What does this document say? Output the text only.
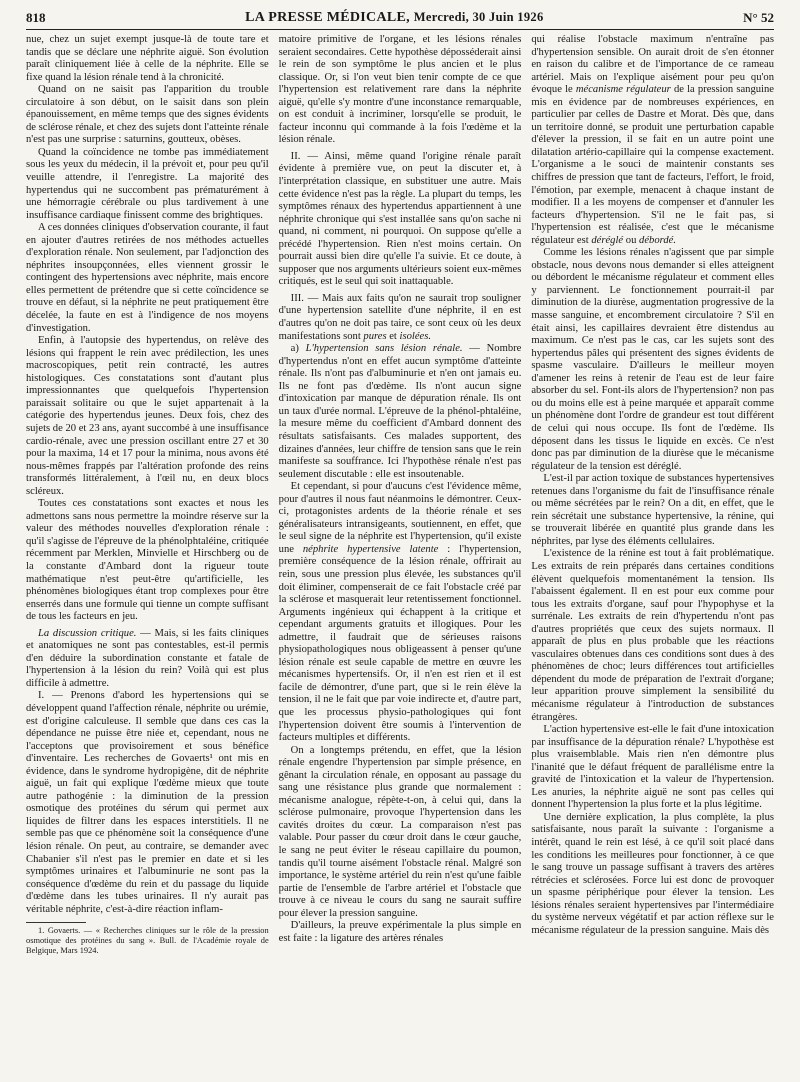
818	LA PRESSE MÉDICALE, Mercredi, 30 Juin 1926	N° 52

nue, chez un sujet exempt jusque-là de toute tare et tandis que se déclare une néphrite aiguë. Son évolution paraît cliniquement liée à celle de la néphrite. Elle se fixe quand la lésion rénale tend à la chronicité.

Quand on ne saisit pas l'apparition du trouble circulatoire à son début, on le saisit dans son plein épanouissement, en même temps que des signes évidents de sclérose rénale, et chez des sujets dont l'atteinte rénale n'est pas une surprise : saturnins, goutteux, obèses.

Quand la coïncidence ne tombe pas immédiatement sous les yeux du médecin, il la prévoit et, pour peu qu'il veuille attendre, il l'enregistre. La majorité des hypertendus qui ne succombent pas prématurément à une hémorragie cérébrale ou plus tardivement à une insuffisance cardiaque finissent comme des brightiques.

A ces données cliniques d'observation courante, il faut en ajouter d'autres retirées de nos méthodes actuelles d'exploration rénale. Non seulement, par l'adjonction des néphrites insoupçonnées, elles viennent grossir le contingent des hypertensions avec néphrite, mais encore elles permettent de prétendre que si cette coïncidence se trouve en défaut, si la néphrite ne peut pratiquement être décelée, la faute en est à l'indigence de nos moyens d'investigation.

Enfin, à l'autopsie des hypertendus, on relève des lésions qui frappent le rein avec prédilection, les unes macroscopiques, petit rein contracté, les autres histologiques. Ces constatations sont d'autant plus impressionnantes que quelquefois l'hypertension paraissait solitaire ou que le sujet appartenait à la catégorie des hypertendus jeunes. Deux fois, chez des sujets de 20 et 23 ans, ayant succombé à une insuffisance cardio-rénale, avec une pression oscillant entre 27 et 30 pour la maxima, 14 et 17 pour la minima, nous avons été nous-mêmes frappés par l'altération profonde des reins transformés littéralement, à l'œil nu, en deux blocs scléreux.

Toutes ces constatations sont exactes et nous les admettons sans nous permettre la moindre réserve sur la valeur des méthodes nouvelles d'exploration rénale : qu'il s'agisse de l'épreuve de la phénolphtaléine, critiquée récemment par Merklen, Minvielle et Hirschberg ou de la constante d'Ambard dont la rigueur toute mathématique n'est peut-être qu'artificielle, les phénomènes biologiques étant trop complexes pour être enserrés dans une formule qui tienne un compte suffisant de tous les facteurs en jeu.

La discussion critique. — Mais, si les faits cliniques et anatomiques ne sont pas contestables, est-il permis d'en déduire la subordination constante et fatale de l'hypertension à la lésion du rein? Voilà qui est plus difficile à admettre.

I. — Prenons d'abord les hypertensions qui se développent quand l'affection rénale, néphrite ou urémie, est d'origine calculeuse. Il semble que dans ces cas la dépendance ne puisse être niée et, cependant, nous ne l'acceptons que provisoirement et sous bénéfice d'inventaire. Les recherches de Govaerts¹ ont mis en évidence, dans le syndrome hydropigène, dit de néphrite aiguë, un fait qui explique l'œdème mieux que toute autre pathogénie : la diminution de la pression osmotique des protéines du sérum qui permet aux liquides de filtrer dans les espaces interstitiels. Il ne semble pas que ce phénomène soit la conséquence d'une lésion rénale. On peut, au contraire, se demander avec Chabanier s'il n'est pas le premier en date et si les symptômes urinaires et l'albuminurie ne sont pas la conséquence d'œdème du rein et du passage du liquide d'œdème dans les tubes urinaires. Il n'y aurait pas véritable néphrite, c'est-à-dire réaction inflam-

1. Govaerts. — « Recherches cliniques sur le rôle de la pression osmotique des protéines du sang ». Bull. de l'Académie royale de Belgique, Mars 1924.

matoire primitive de l'organe, et les lésions rénales seraient secondaires. Cette hypothèse déposséderait ainsi le rein de son symptôme le plus ancien et le plus classique. Or, si l'on veut bien tenir compte de ce que l'hypertension est relativement rare dans la néphrite aiguë, qu'elle s'y montre d'une inconstance remarquable, on est conduit à incriminer, lorsqu'elle se produit, le facteur inconnu qui commande à la fois l'œdème et la lésion rénale.

II. — Ainsi, même quand l'origine rénale paraît évidente à première vue, on peut la discuter et, à l'interprétation classique, en substituer une autre. Mais cette évidence n'est pas la règle. La plupart du temps, les symptômes rénaux des hypertendus appartiennent à une néphrite chronique qui s'est installée sans qu'on sache ni quand, ni comment, ni pourquoi. On suppose qu'elle a précédé l'hypertension. Rien n'est moins certain. On pourrait aussi bien dire qu'elle l'a suivie. Et ce doute, à supposer que nos arguments ultérieurs soient eux-mêmes critiqués, est le seul qui soit inattaquable.

III. — Mais aux faits qu'on ne saurait trop souligner d'une hypertension satellite d'une néphrite, il en est d'autres qu'on ne doit pas taire, ce sont ceux où les deux manifestations sont pures et isolées.

a) L'hypertension sans lésion rénale. — Nombre d'hypertendus n'ont en effet aucun symptôme d'atteinte rénale. Ils n'ont pas d'albuminurie et n'en ont jamais eu. Ils ne font pas d'œdème. Ils n'ont aucun signe d'intoxication par manque de dépuration rénale. Ils ont un taux d'urée normal. L'épreuve de la phénol-phtaléine, la mesure même du coefficient d'Ambard donnent des résultats satisfaisants. Ces malades supportent, des dizaines d'années, leur chiffre de tension sans que le rein manifeste sa souffrance. Ici l'hypothèse rénale n'est pas seulement discutable : elle est insoutenable.

Et cependant, si pour d'aucuns c'est l'évidence même, pour d'autres il nous faut néanmoins le démontrer. Ceux-ci, protagonistes ardents de la théorie rénale et ses généralisateurs intransigeants, soutiennent, en effet, que le seul signe de la néphrite est l'hypertension, qu'il existe une néphrite hypertensive latente : l'hypertension, première conséquence de la lésion rénale, offrirait au rein, sous une pression plus élevée, les substances qu'il doit éliminer, compenserait de ce fait l'obstacle créé par la sclérose et masquerait leur retentissement fonctionnel. Arguments ingénieux qui échappent à la critique et cependant arguments gratuits et illogiques. Pour les admettre, il faudrait que de sérieuses raisons physiopathologiques nous obligeassent à penser qu'une lésion rénale est seule capable de mettre en œuvre les mécanismes hypertensifs. Or, il n'en est rien et il est facile de démontrer, d'une part, que si le rein élève la tension, il ne le fait que par voie indirecte et, d'autre part, que les processus physio-pathologiques qui font l'hypertension doivent être soumis à l'intervention de facteurs multiples et différents.

On a longtemps prétendu, en effet, que la lésion rénale engendre l'hypertension par simple présence, en gênant la circulation rénale, en opposant au passage du sang une résistance plus grande que normalement : mécanisme analogue, répète-t-on, à celui qui, dans la sclérose pulmonaire, provoque l'hypertension dans les cavités droites du cœur. La comparaison n'est pas valable. Pour passer du cœur droit dans le cœur gauche, le sang ne peut éviter le réseau capillaire du poumon, tandis qu'il tourne aisément l'obstacle rénal. Malgré son importance, le système artériel du rein n'est qu'une faible partie de l'ensemble de l'arbre artériel et l'obstacle que trouve à ce niveau le cours du sang ne saurait suffire pour élever la pression sanguine.

D'ailleurs, la preuve expérimentale la plus simple en est faite : la ligature des artères rénales

qui réalise l'obstacle maximum n'entraîne pas d'hypertension sensible. On aurait droit de s'en étonner en raison du calibre et de l'importance de ce rameau artériel. Mais on l'explique aisément pour peu qu'on évoque le mécanisme régulateur de la pression sanguine mis en évidence par de nombreuses expériences, en particulier par celles de Dastre et Morat. Dès que, dans un territoire donné, se produit une perturbation capable d'élever la pression, il se fait en un autre point une dilatation artério-capillaire qui la compense exactement. L'organisme a le souci de maintenir constants ses chiffres de pression que tant de facteurs, l'effort, le froid, l'émotion, par exemple, menacent à chaque instant de modifier. Il a les moyens de compenser et d'annuler les facteurs d'hypertension. S'il ne le fait pas, si l'hypertension est réalisée, c'est que le mécanisme régulateur est déréglé ou débordé.

Comme les lésions rénales n'agissent que par simple obstacle, nous devons nous demander si elles atteignent ou débordent le mécanisme régulateur et comment elles y parviennent. Le fonctionnement pourrait-il par diminution de la diurèse, augmentation progressive de la masse sanguine, et encombrement circulatoire ? S'il en était ainsi, les capillaires devraient être distendus au maximum. Ce n'est pas le cas, car les sujets sont des hypertendus pâles qui présentent des signes évidents de spasme vasculaire. D'ailleurs le meilleur moyen d'amener les reins à retenir de l'eau est de leur faire absorber du sel. Font-ils alors de l'hypertension? non pas ou du moins elle est à peine marquée et apparaît comme un phénomène dont l'ordre de grandeur est tout différent de celui qui nous occupe. Ils font de l'œdème. Ils déposent dans les tissus le liquide en excès. Ce n'est donc pas par diminution de la diurèse que le mécanisme régulateur de la tension est déréglé.

L'est-il par action toxique de substances hypertensives retenues dans l'organisme du fait de l'insuffisance rénale ou même sécrétées par le rein? On a dit, en effet, que le rein sécrétait une substance hypertensive, la rénine, qui se trouverait libérée en quantité plus grande dans les néphrites, par lyse des éléments cellulaires.

L'existence de la rénine est tout à fait problématique. Les extraits de rein préparés dans certaines conditions élèvent quelquefois momentanément la tension. Ils l'abaissent également. Il en est pour eux comme pour tous les extraits d'organe, sauf pour l'hypophyse et la surrénale. Les extraits de rein d'hypertendu n'ont pas d'autres propriétés que ceux des sujets normaux. Il apparaît de plus en plus probable que les réactions vasculaires obtenues dans ces conditions sont dues à des phénomènes de choc; leurs différences tout artificielles dépendent du mode de préparation de l'extrait d'organe; leur apparition prouve simplement la sensibilité du mécanisme régulateur à l'introduction de substances étrangères.

L'action hypertensive est-elle le fait d'une intoxication par insuffisance de la dépuration rénale? L'hypothèse est plus vraisemblable. Mais rien n'en démontre plus l'inanité que le défaut fréquent de parallélisme entre la gravité de l'intoxication et la valeur de l'hypertension. Les anuries, la néphrite aiguë ne sont pas celles qui donnent l'hypertension la plus forte et la plus légitime.

Une dernière explication, la plus complète, la plus satisfaisante, nous paraît la suivante : l'organisme a intérêt, quand le rein est lésé, à ce qu'il soit placé dans les conditions les meilleures pour fonctionner, à ce que le sang trouve un passage suffisant à travers des artères rétrécies et sclérosées. Force lui est donc de provoquer un spasme périphérique pour élever la tension. Les lésions rénales seraient hypertensives par l'intermédiaire du système nerveux végétatif et par action réflexe sur le mécanisme régulateur de la pression sanguine. Mais dès
